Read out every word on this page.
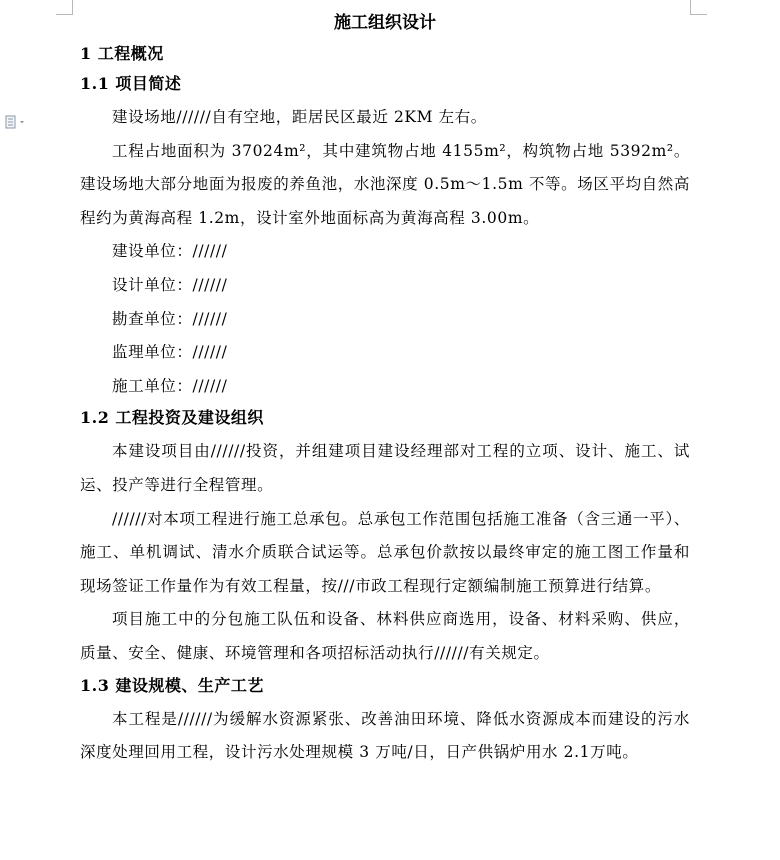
施工组织设计
1 工程概况
1.1 项目简述

建设场地//////自有空地，距居民区最近 2KM 左右。

工程占地面积为 37024m²，其中建筑物占地 4155m²，构筑物占地 5392m²。建设场地大部分地面为报废的养鱼池，水池深度 0.5m～1.5m 不等。场区平均自然高程约为黄海高程 1.2m，设计室外地面标高为黄海高程 3.00m。

建设单位：//////

设计单位：//////

勘查单位：//////

监理单位：//////

施工单位：//////

1.2 工程投资及建设组织

本建设项目由//////投资，并组建项目建设经理部对工程的立项、设计、施工、试运、投产等进行全程管理。

//////对本项工程进行施工总承包。总承包工作范围包括施工准备（含三通一平）、施工、单机调试、清水介质联合试运等。总承包价款按以最终审定的施工图工作量和现场签证工作量作为有效工程量，按///市政工程现行定额编制施工预算进行结算。

项目施工中的分包施工队伍和设备、林料供应商选用，设备、材料采购、供应，质量、安全、健康、环境管理和各项招标活动执行//////有关规定。

1.3 建设规模、生产工艺

本工程是//////为缓解水资源紧张、改善油田环境、降低水资源成本而建设的污水深度处理回用工程，设计污水处理规模 3 万吨/日，日产供锅炉用水 2.1万吨。
